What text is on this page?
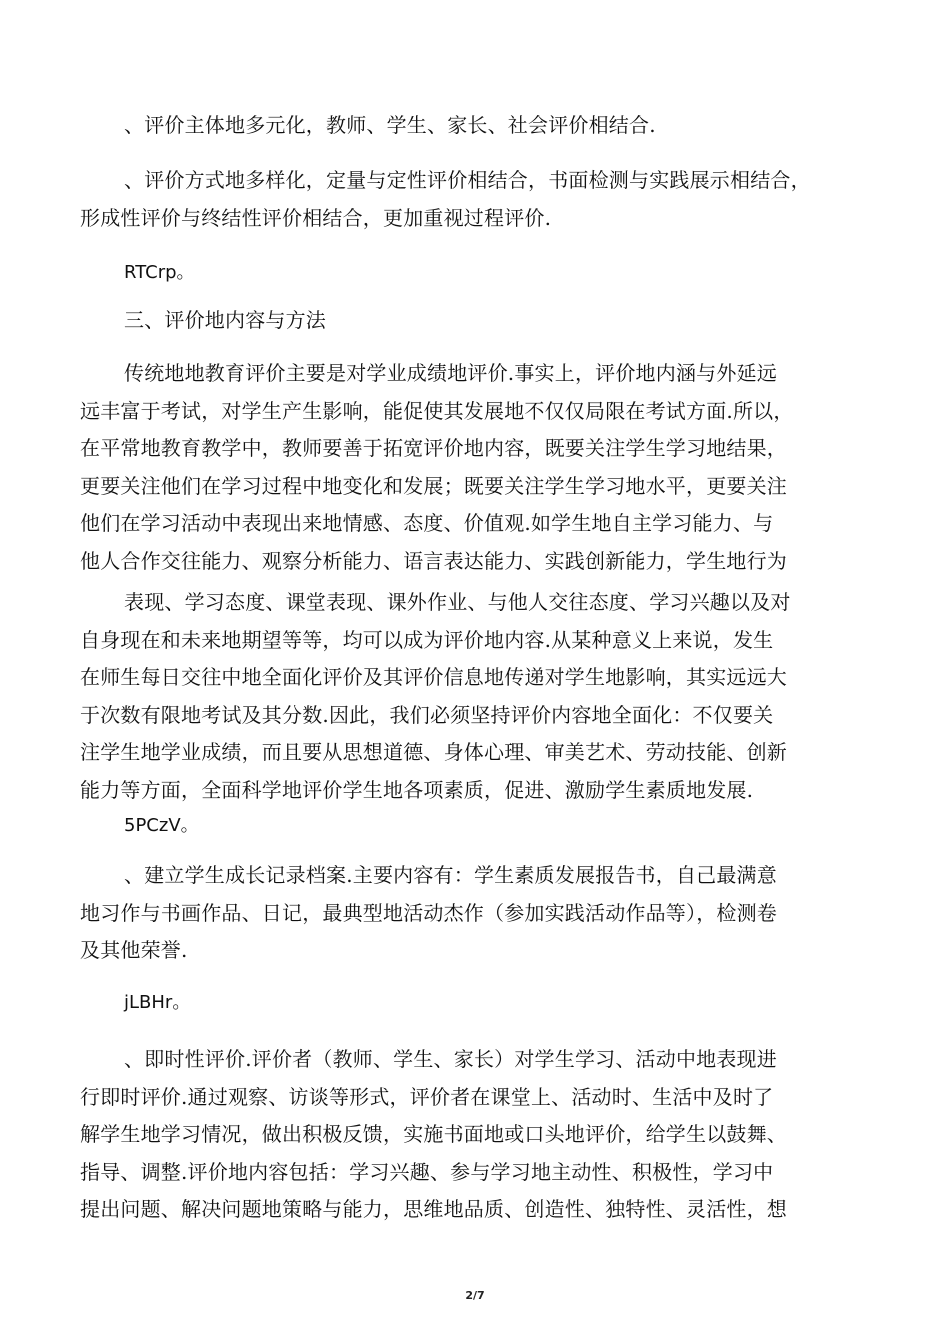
、评价主体地多元化，教师、学生、家长、社会评价相结合.

、评价方式地多样化，定量与定性评价相结合，书面检测与实践展示相结合，
形成性评价与终结性评价相结合，更加重视过程评价.

RTCrp。

三、评价地内容与方法

传统地地教育评价主要是对学业成绩地评价.事实上，评价地内涵与外延远
远丰富于考试，对学生产生影响，能促使其发展地不仅仅局限在考试方面.所以，
在平常地教育教学中，教师要善于拓宽评价地内容，既要关注学生学习地结果，
更要关注他们在学习过程中地变化和发展；既要关注学生学习地水平，更要关注
他们在学习活动中表现出来地情感、态度、价值观.如学生地自主学习能力、与
他人合作交往能力、观察分析能力、语言表达能力、实践创新能力，学生地行为

表现、学习态度、课堂表现、课外作业、与他人交往态度、学习兴趣以及对
自身现在和未来地期望等等，均可以成为评价地内容.从某种意义上来说，发生
在师生每日交往中地全面化评价及其评价信息地传递对学生地影响，其实远远大
于次数有限地考试及其分数.因此，我们必须坚持评价内容地全面化：不仅要关
注学生地学业成绩，而且要从思想道德、身体心理、审美艺术、劳动技能、创新
能力等方面，全面科学地评价学生地各项素质，促进、激励学生素质地发展.

5PCzV。

、建立学生成长记录档案.主要内容有：学生素质发展报告书，自己最满意
地习作与书画作品、日记，最典型地活动杰作（参加实践活动作品等），检测卷
及其他荣誉.

jLBHr。

、即时性评价.评价者（教师、学生、家长）对学生学习、活动中地表现进
行即时评价.通过观察、访谈等形式，评价者在课堂上、活动时、生活中及时了
解学生地学习情况，做出积极反馈，实施书面地或口头地评价，给学生以鼓舞、
指导、调整.评价地内容包括：学习兴趣、参与学习地主动性、积极性，学习中
提出问题、解决问题地策略与能力，思维地品质、创造性、独特性、灵活性，想

2/7
